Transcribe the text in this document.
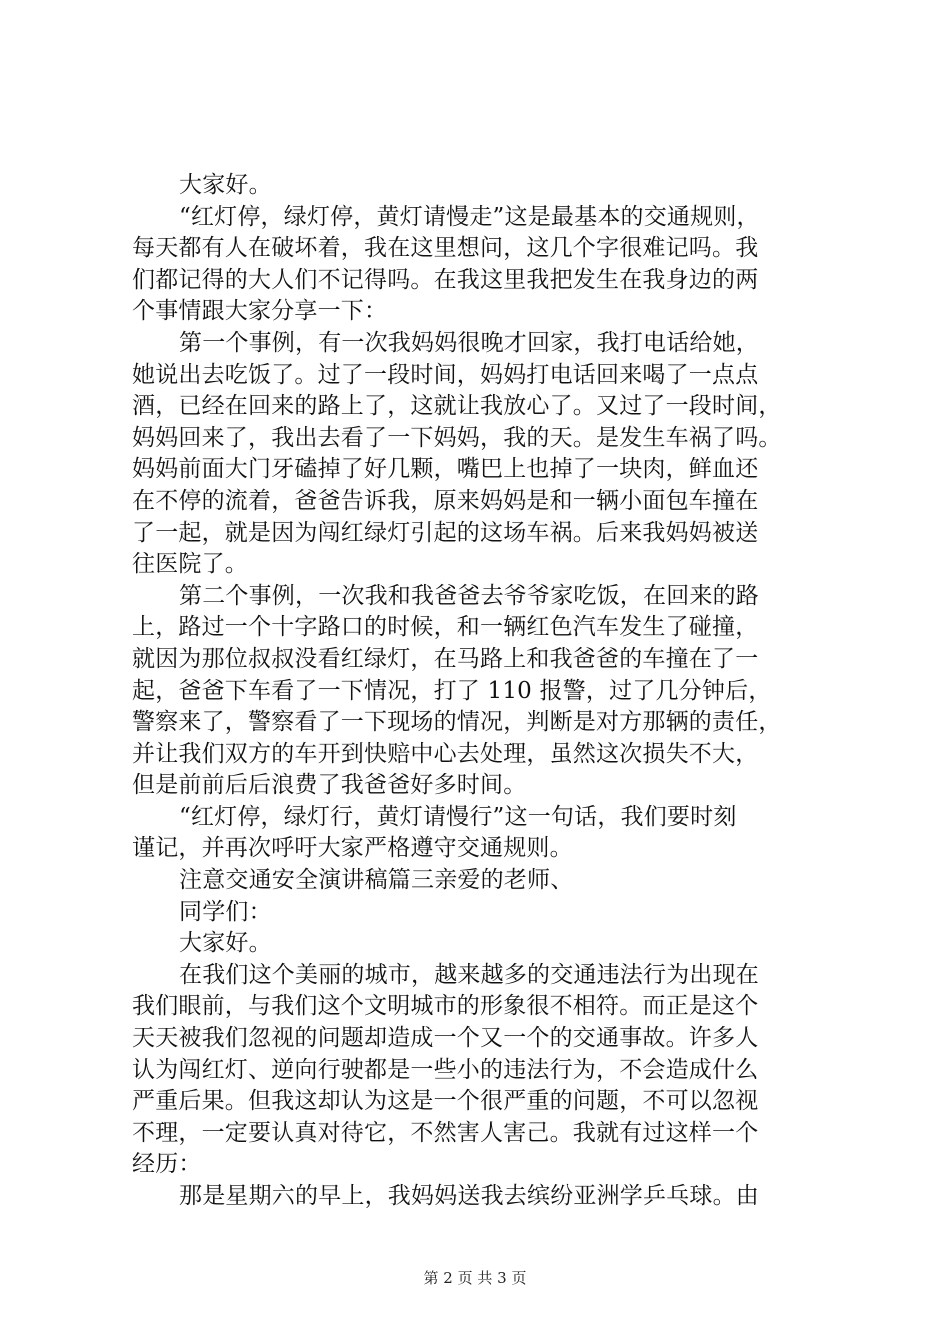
大家好。
“红灯停，绿灯停，黄灯请慢走”这是最基本的交通规则，
每天都有人在破坏着，我在这里想问，这几个字很难记吗。我
们都记得的大人们不记得吗。在我这里我把发生在我身边的两
个事情跟大家分享一下：
第一个事例，有一次我妈妈很晚才回家，我打电话给她，
她说出去吃饭了。过了一段时间，妈妈打电话回来喝了一点点
酒，已经在回来的路上了，这就让我放心了。又过了一段时间，
妈妈回来了，我出去看了一下妈妈，我的天。是发生车祸了吗。
妈妈前面大门牙磕掉了好几颗，嘴巴上也掉了一块肉，鲜血还
在不停的流着，爸爸告诉我，原来妈妈是和一辆小面包车撞在
了一起，就是因为闯红绿灯引起的这场车祸。后来我妈妈被送
往医院了。
第二个事例，一次我和我爸爸去爷爷家吃饭，在回来的路
上，路过一个十字路口的时候，和一辆红色汽车发生了碰撞，
就因为那位叔叔没看红绿灯，在马路上和我爸爸的车撞在了一
起，爸爸下车看了一下情况，打了 110 报警，过了几分钟后，
警察来了，警察看了一下现场的情况，判断是对方那辆的责任，
并让我们双方的车开到快赔中心去处理，虽然这次损失不大，
但是前前后后浪费了我爸爸好多时间。
“红灯停，绿灯行，黄灯请慢行”这一句话，我们要时刻
谨记，并再次呼吁大家严格遵守交通规则。
注意交通安全演讲稿篇三亲爱的老师、
同学们：
大家好。
在我们这个美丽的城市，越来越多的交通违法行为出现在
我们眼前，与我们这个文明城市的形象很不相符。而正是这个
天天被我们忽视的问题却造成一个又一个的交通事故。许多人
认为闯红灯、逆向行驶都是一些小的违法行为，不会造成什么
严重后果。但我这却认为这是一个很严重的问题，不可以忽视
不理，一定要认真对待它，不然害人害己。我就有过这样一个
经历：
那是星期六的早上，我妈妈送我去缤纷亚洲学乒乓球。由
第 2 页 共 3 页
